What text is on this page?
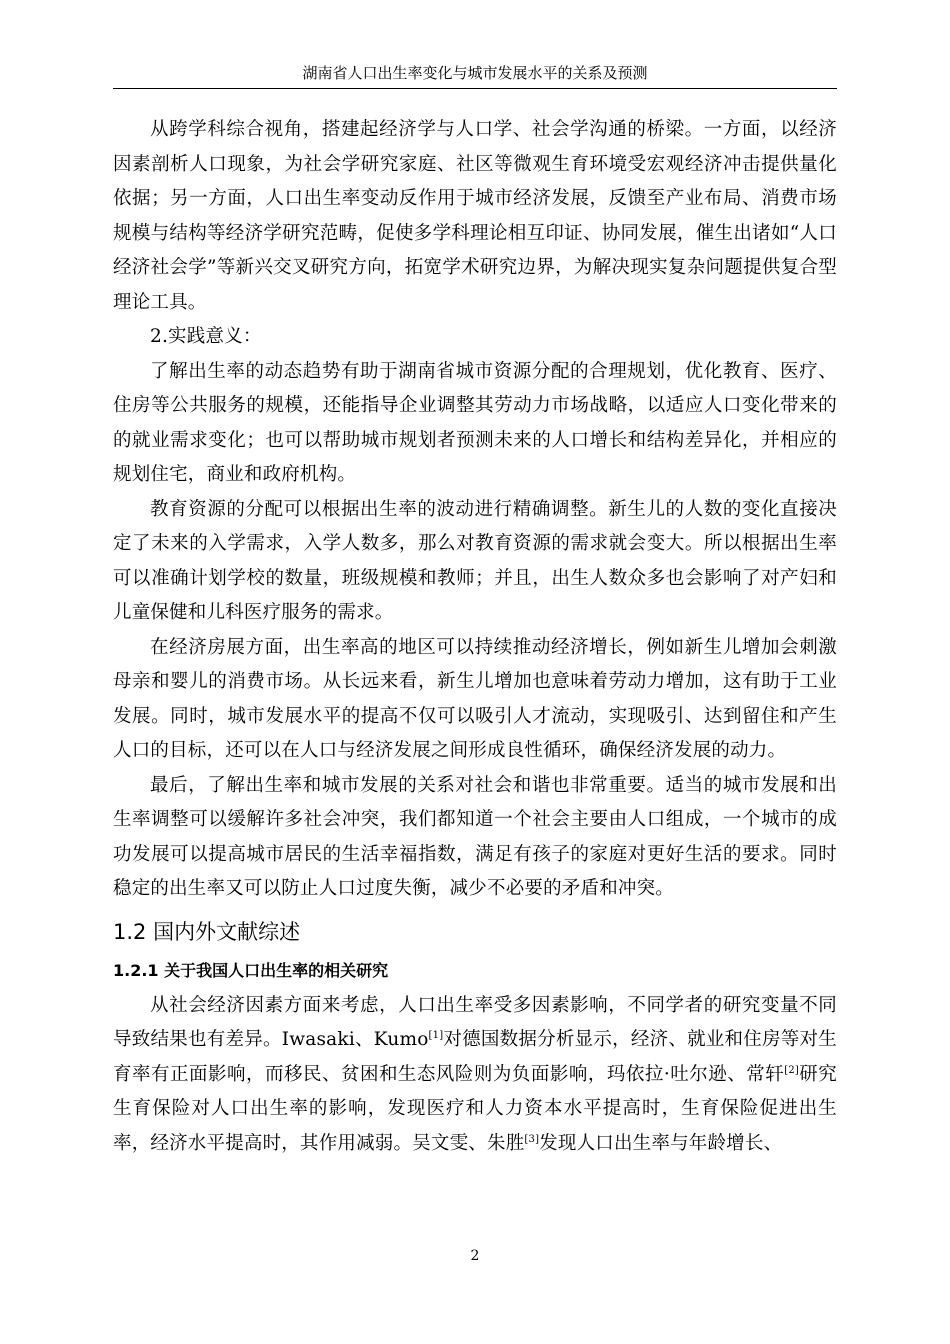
湖南省人口出生率变化与城市发展水平的关系及预测

从跨学科综合视角，搭建起经济学与人口学、社会学沟通的桥梁。一方面，以经济因素剖析人口现象，为社会学研究家庭、社区等微观生育环境受宏观经济冲击提供量化依据；另一方面，人口出生率变动反作用于城市经济发展，反馈至产业布局、消费市场规模与结构等经济学研究范畴，促使多学科理论相互印证、协同发展，催生出诸如“人口经济社会学”等新兴交叉研究方向，拓宽学术研究边界，为解决现实复杂问题提供复合型理论工具。

2.实践意义：

了解出生率的动态趋势有助于湖南省城市资源分配的合理规划，优化教育、医疗、住房等公共服务的规模，还能指导企业调整其劳动力市场战略，以适应人口变化带来的的就业需求变化；也可以帮助城市规划者预测未来的人口增长和结构差异化，并相应的规划住宅，商业和政府机构。

教育资源的分配可以根据出生率的波动进行精确调整。新生儿的人数的变化直接决定了未来的入学需求，入学人数多，那么对教育资源的需求就会变大。所以根据出生率可以准确计划学校的数量，班级规模和教师；并且，出生人数众多也会影响了对产妇和儿童保健和儿科医疗服务的需求。

在经济房展方面，出生率高的地区可以持续推动经济增长，例如新生儿增加会刺激母亲和婴儿的消费市场。从长远来看，新生儿增加也意味着劳动力增加，这有助于工业发展。同时，城市发展水平的提高不仅可以吸引人才流动，实现吸引、达到留住和产生人口的目标，还可以在人口与经济发展之间形成良性循环，确保经济发展的动力。

最后，了解出生率和城市发展的关系对社会和谐也非常重要。适当的城市发展和出生率调整可以缓解许多社会冲突，我们都知道一个社会主要由人口组成，一个城市的成功发展可以提高城市居民的生活幸福指数，满足有孩子的家庭对更好生活的要求。同时稳定的出生率又可以防止人口过度失衡，减少不必要的矛盾和冲突。

1.2 国内外文献综述
1.2.1 关于我国人口出生率的相关研究

从社会经济因素方面来考虑，人口出生率受多因素影响，不同学者的研究变量不同导致结果也有差异。Iwasaki、Kumo[1]对德国数据分析显示，经济、就业和住房等对生育率有正面影响，而移民、贫困和生态风险则为负面影响，玛依拉·吐尔逊、常轩[2]研究生育保险对人口出生率的影响，发现医疗和人力资本水平提高时，生育保险促进出生率，经济水平提高时，其作用减弱。吴文雯、朱胜[3]发现人口出生率与年龄增长、

2
